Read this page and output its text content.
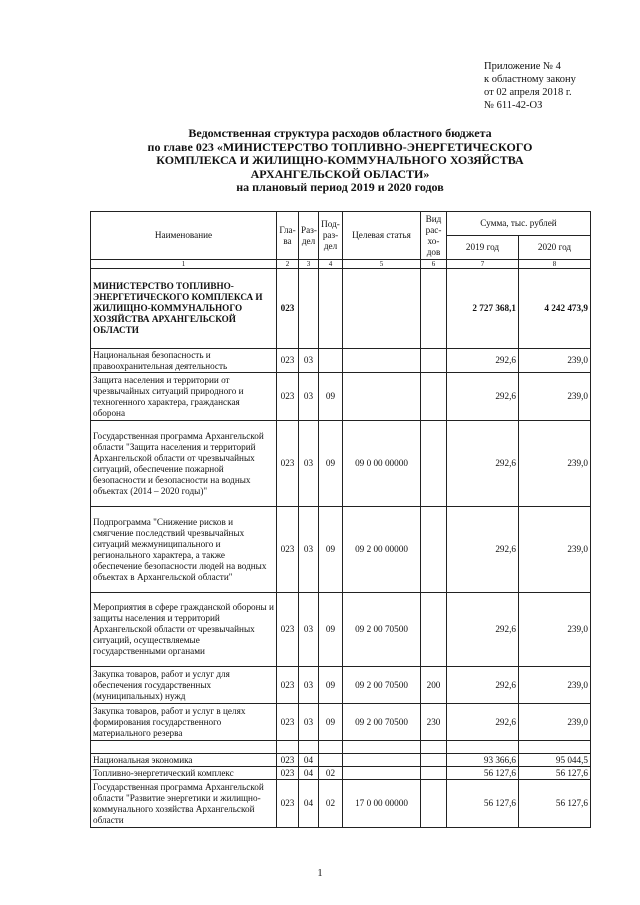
Приложение № 4
к областному закону
от 02 апреля 2018 г.
№ 611-42-ОЗ
Ведомственная структура расходов областного бюджета
по главе 023 «МИНИСТЕРСТВО ТОПЛИВНО-ЭНЕРГЕТИЧЕСКОГО
КОМПЛЕКСА И ЖИЛИЩНО-КОММУНАЛЬНОГО ХОЗЯЙСТВА
АРХАНГЕЛЬСКОЙ ОБЛАСТИ»
на плановый период 2019 и 2020 годов
Наименование	Гла-ва	Раз-дел	Под-раз-дел	Целевая статья	Вид рас-хо-дов	Сумма, тыс. рублей	
						2019 год	2020 год
1	2	3	4	5	6	7	8
МИНИСТЕРСТВО ТОПЛИВНО-ЭНЕРГЕТИЧЕСКОГО КОМПЛЕКСА И ЖИЛИЩНО-КОММУНАЛЬНОГО ХОЗЯЙСТВА АРХАНГЕЛЬСКОЙ ОБЛАСТИ	023					2 727 368,1	4 242 473,9
Национальная безопасность и правоохранительная деятельность	023	03				292,6	239,0
Защита населения и территории от чрезвычайных ситуаций природного и техногенного характера, гражданская оборона	023	03	09			292,6	239,0
Государственная программа Архангельской области "Защита населения и территорий Архангельской области от чрезвычайных ситуаций, обеспечение пожарной безопасности и безопасности на водных объектах (2014 – 2020 годы)"	023	03	09	09 0 00 00000		292,6	239,0
Подпрограмма "Снижение рисков и смягчение последствий чрезвычайных ситуаций межмуниципального и регионального характера, а также обеспечение безопасности людей на водных объектах в Архангельской области"	023	03	09	09 2 00 00000		292,6	239,0
Мероприятия в сфере гражданской обороны и защиты населения и территорий Архангельской области от чрезвычайных ситуаций, осуществляемые государственными органами	023	03	09	09 2 00 70500		292,6	239,0
Закупка товаров, работ и услуг для обеспечения государственных (муниципальных) нужд	023	03	09	09 2 00 70500	200	292,6	239,0
Закупка товаров, работ и услуг в целях формирования государственного материального резерва	023	03	09	09 2 00 70500	230	292,6	239,0

Национальная экономика	023	04				93 366,6	95 044,5
Топливно-энергетический комплекс	023	04	02			56 127,6	56 127,6
Государственная программа Архангельской области "Развитие энергетики и жилищно-коммунального хозяйства Архангельской области	023	04	02	17 0 00 00000		56 127,6	56 127,6
1
